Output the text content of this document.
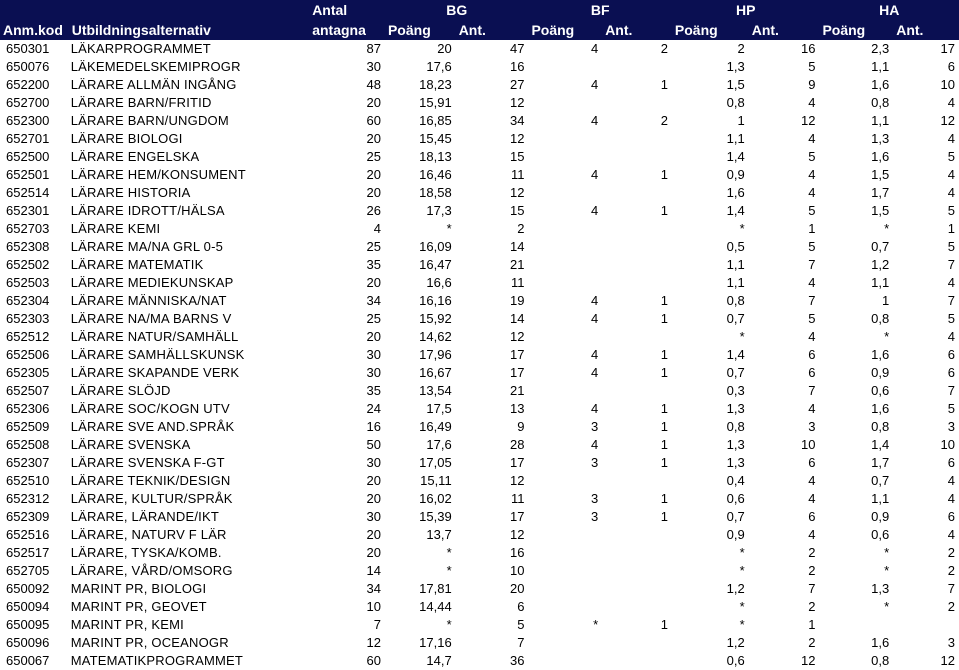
		Antal	BG		BF		HP		HA	
Anm.kod	Utbildningsalternativ	antagna	Poäng	Ant.	Poäng	Ant.	Poäng	Ant.	Poäng	Ant.
650301	LÄKARPROGRAMMET	87	20	47	4	2	2	16	2,3	17
650076	LÄKEMEDELSKEMIPROGR	30	17,6	16			1,3	5	1,1	6
652200	LÄRARE ALLMÄN INGÅNG	48	18,23	27	4	1	1,5	9	1,6	10
652700	LÄRARE BARN/FRITID	20	15,91	12			0,8	4	0,8	4
652300	LÄRARE BARN/UNGDOM	60	16,85	34	4	2	1	12	1,1	12
652701	LÄRARE BIOLOGI	20	15,45	12			1,1	4	1,3	4
652500	LÄRARE ENGELSKA	25	18,13	15			1,4	5	1,6	5
652501	LÄRARE HEM/KONSUMENT	20	16,46	11	4	1	0,9	4	1,5	4
652514	LÄRARE HISTORIA	20	18,58	12			1,6	4	1,7	4
652301	LÄRARE IDROTT/HÄLSA	26	17,3	15	4	1	1,4	5	1,5	5
652703	LÄRARE KEMI	4	*	2			*	1	*	1
652308	LÄRARE MA/NA GRL 0-5	25	16,09	14			0,5	5	0,7	5
652502	LÄRARE MATEMATIK	35	16,47	21			1,1	7	1,2	7
652503	LÄRARE MEDIEKUNSKAP	20	16,6	11			1,1	4	1,1	4
652304	LÄRARE MÄNNISKA/NAT	34	16,16	19	4	1	0,8	7	1	7
652303	LÄRARE NA/MA BARNS V	25	15,92	14	4	1	0,7	5	0,8	5
652512	LÄRARE NATUR/SAMHÄLL	20	14,62	12			*	4	*	4
652506	LÄRARE SAMHÄLLSKUNSK	30	17,96	17	4	1	1,4	6	1,6	6
652305	LÄRARE SKAPANDE VERK	30	16,67	17	4	1	0,7	6	0,9	6
652507	LÄRARE SLÖJD	35	13,54	21			0,3	7	0,6	7
652306	LÄRARE SOC/KOGN UTV	24	17,5	13	4	1	1,3	4	1,6	5
652509	LÄRARE SVE AND.SPRÅK	16	16,49	9	3	1	0,8	3	0,8	3
652508	LÄRARE SVENSKA	50	17,6	28	4	1	1,3	10	1,4	10
652307	LÄRARE SVENSKA F-GT	30	17,05	17	3	1	1,3	6	1,7	6
652510	LÄRARE TEKNIK/DESIGN	20	15,11	12			0,4	4	0,7	4
652312	LÄRARE, KULTUR/SPRÅK	20	16,02	11	3	1	0,6	4	1,1	4
652309	LÄRARE, LÄRANDE/IKT	30	15,39	17	3	1	0,7	6	0,9	6
652516	LÄRARE, NATURV F LÄR	20	13,7	12			0,9	4	0,6	4
652517	LÄRARE, TYSKA/KOMB.	20	*	16			*	2	*	2
652705	LÄRARE, VÅRD/OMSORG	14	*	10			*	2	*	2
650092	MARINT PR, BIOLOGI	34	17,81	20			1,2	7	1,3	7
650094	MARINT PR, GEOVET	10	14,44	6			*	2	*	2
650095	MARINT PR, KEMI	7	*	5	*	1	*	1		
650096	MARINT PR, OCEANOGR	12	17,16	7			1,2	2	1,6	3
650067	MATEMATIKPROGRAMMET	60	14,7	36			0,6	12	0,8	12
